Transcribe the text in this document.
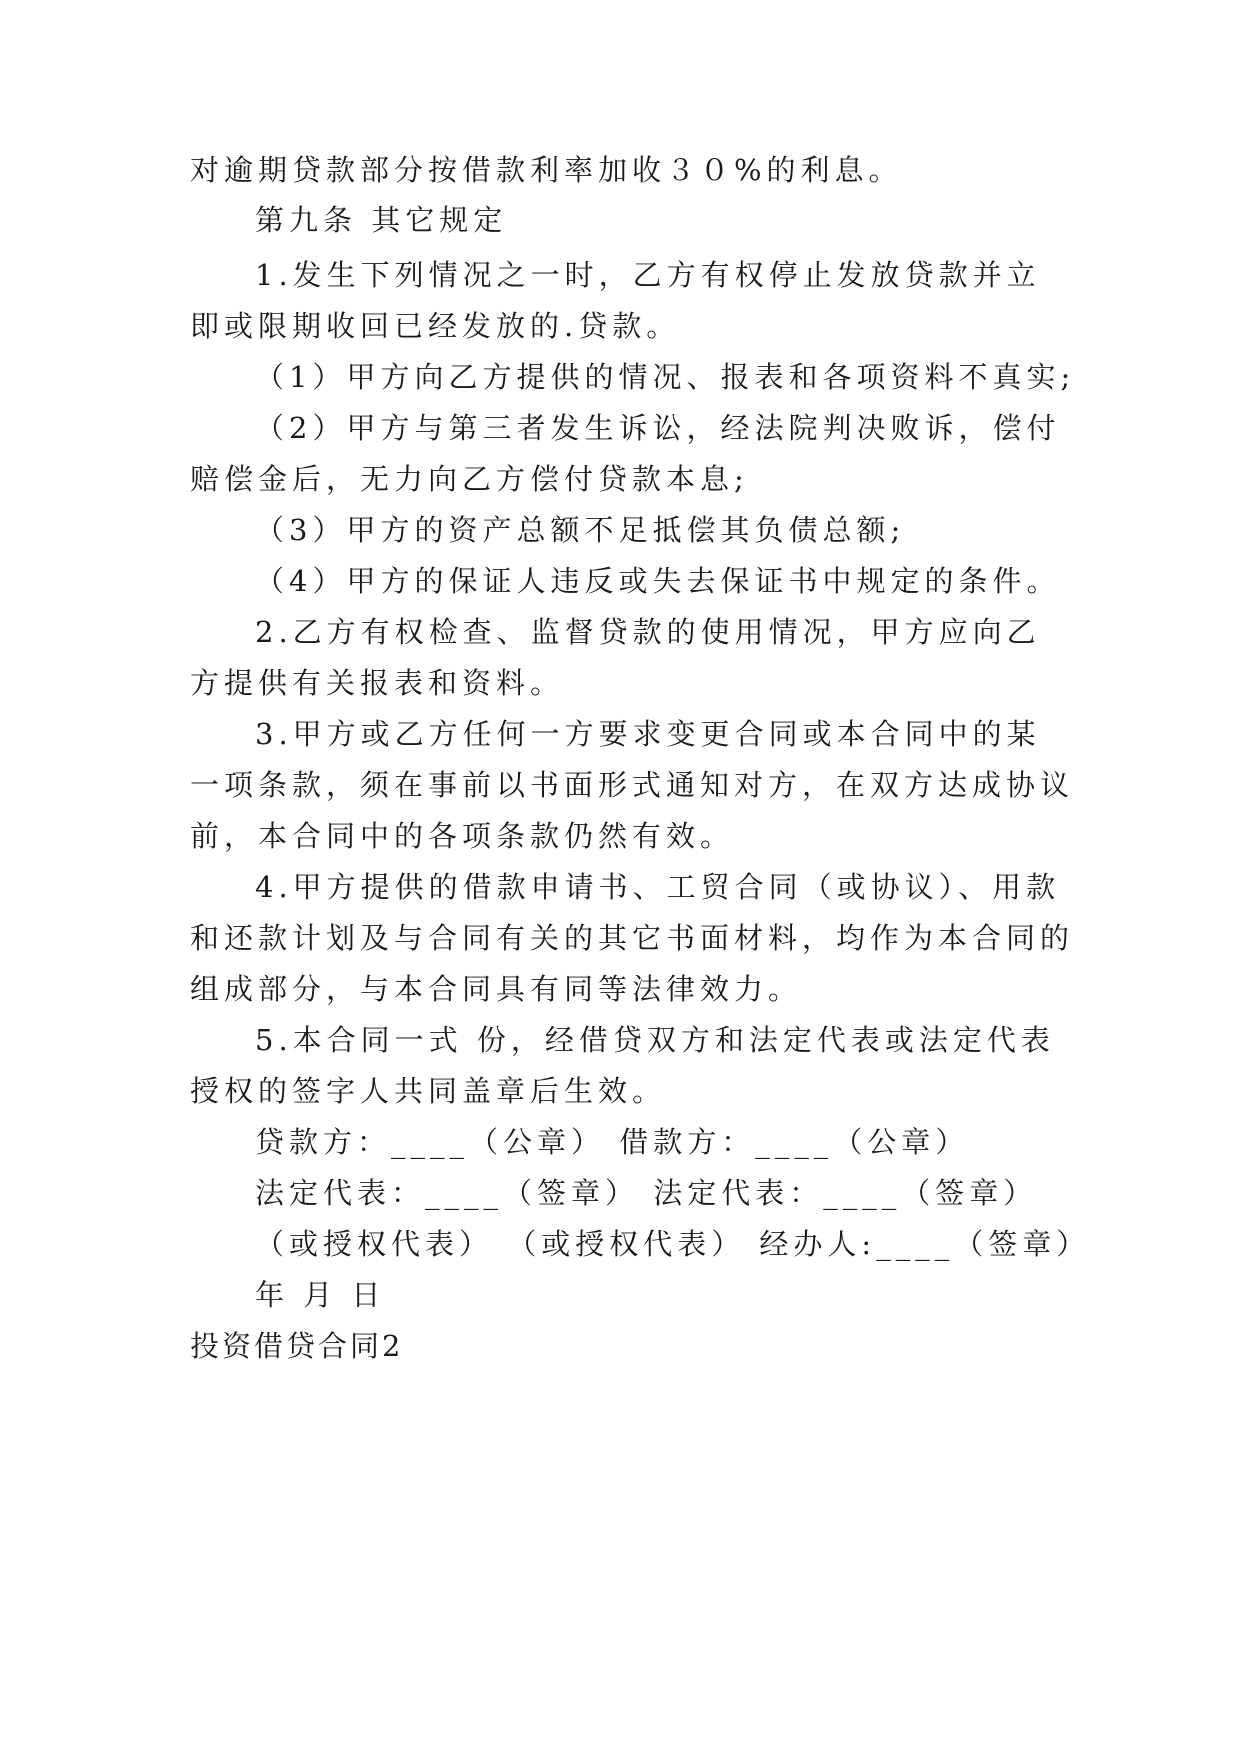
对逾期贷款部分按借款利率加收３０%的利息。
第九条 其它规定
1.发生下列情况之一时，乙方有权停止发放贷款并立
即或限期收回已经发放的.贷款。
（1）甲方向乙方提供的情况、报表和各项资料不真实;
（2）甲方与第三者发生诉讼，经法院判决败诉，偿付
赔偿金后，无力向乙方偿付贷款本息;
（3）甲方的资产总额不足抵偿其负债总额;
（4）甲方的保证人违反或失去保证书中规定的条件。
2.乙方有权检查、监督贷款的使用情况，甲方应向乙
方提供有关报表和资料。
3.甲方或乙方任何一方要求变更合同或本合同中的某
一项条款，须在事前以书面形式通知对方，在双方达成协议
前，本合同中的各项条款仍然有效。
4.甲方提供的借款申请书、工贸合同（或协议）、用款
和还款计划及与合同有关的其它书面材料，均作为本合同的
组成部分，与本合同具有同等法律效力。
5.本合同一式 份，经借贷双方和法定代表或法定代表
授权的签字人共同盖章后生效。
贷款方：____（公章） 借款方：____（公章）
法定代表：____（签章） 法定代表：____（签章）
（或授权代表） （或授权代表） 经办人:____（签章）
年 月 日
投资借贷合同2
